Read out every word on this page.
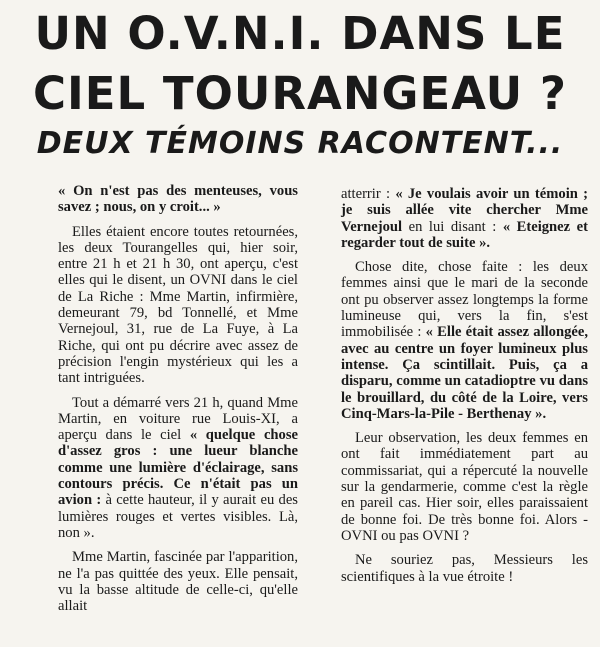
UN O.V.N.I. DANS LE
CIEL TOURANGEAU ?
DEUX TÉMOINS RACONTENT...

« On n'est pas des menteuses, vous savez ; nous, on y croit... »

Elles étaient encore toutes retournées, les deux Tourangelles qui, hier soir, entre 21 h et 21 h 30, ont aperçu, c'est elles qui le disent, un OVNI dans le ciel de La Riche : Mme Martin, infirmière, demeurant 79, bd Tonnellé, et Mme Vernejoul, 31, rue de La Fuye, à La Riche, qui ont pu décrire avec assez de précision l'engin mystérieux qui les a tant intriguées.

Tout a démarré vers 21 h, quand Mme Martin, en voiture rue Louis-XI, a aperçu dans le ciel « quelque chose d'assez gros : une lueur blanche comme une lumière d'éclairage, sans contours précis. Ce n'était pas un avion : à cette hauteur, il y aurait eu des lumières rouges et vertes visibles. Là, non ».

Mme Martin, fascinée par l'apparition, ne l'a pas quittée des yeux. Elle pensait, vu la basse altitude de celle-ci, qu'elle allait

atterrir : « Je voulais avoir un témoin ; je suis allée vite chercher Mme Vernejoul en lui disant : « Eteignez et regarder tout de suite ».

Chose dite, chose faite : les deux femmes ainsi que le mari de la seconde ont pu observer assez longtemps la forme lumineuse qui, vers la fin, s'est immobilisée : « Elle était assez allongée, avec au centre un foyer lumineux plus intense. Ça scintillait. Puis, ça a disparu, comme un catadioptre vu dans le brouillard, du côté de la Loire, vers Cinq-Mars-la-Pile - Berthenay ».

Leur observation, les deux femmes en ont fait immédiatement part au commissariat, qui a répercuté la nouvelle sur la gendarmerie, comme c'est la règle en pareil cas. Hier soir, elles paraissaient de bonne foi. De très bonne foi. Alors - OVNI ou pas OVNI ?

Ne souriez pas, Messieurs les scientifiques à la vue étroite !
